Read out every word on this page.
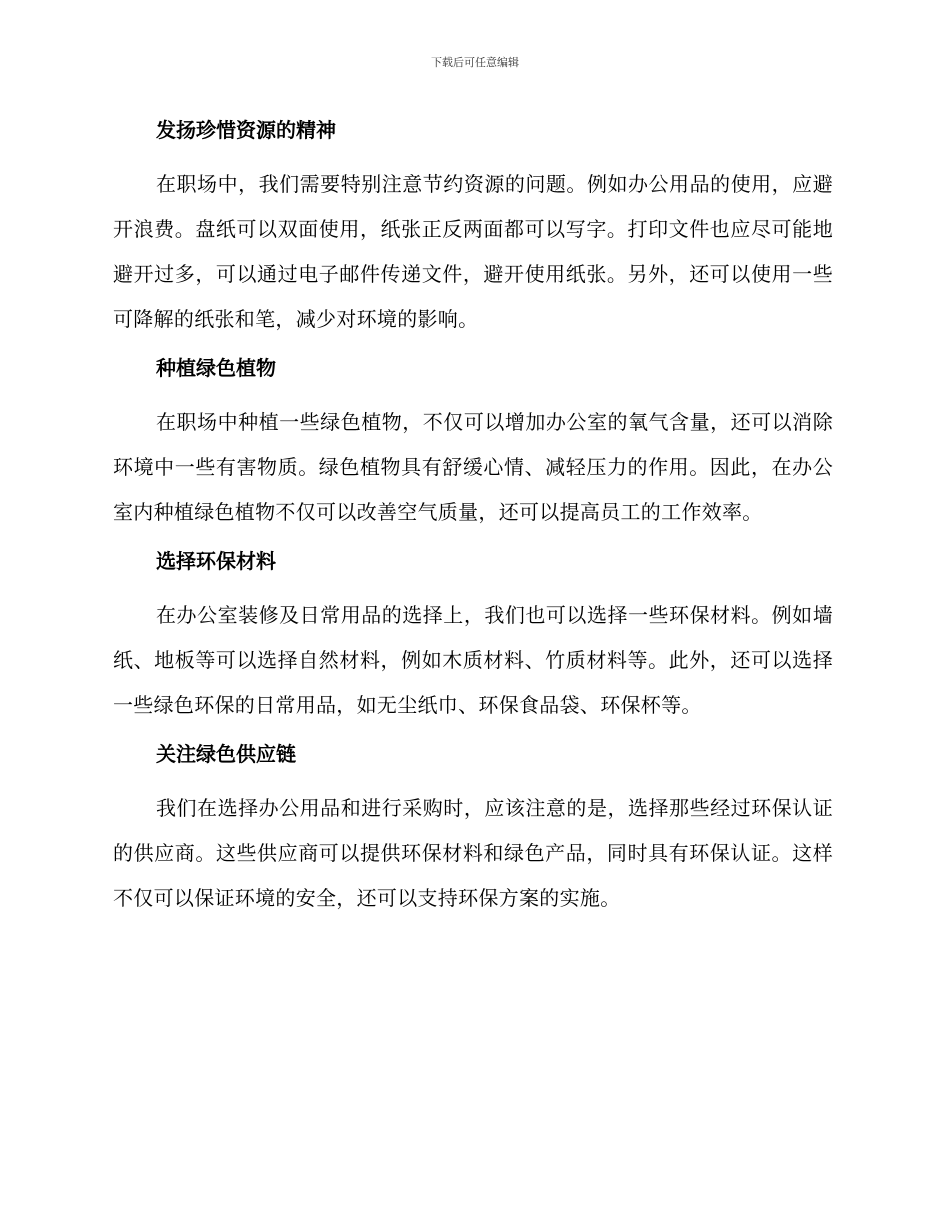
下载后可任意编辑
发扬珍惜资源的精神

在职场中，我们需要特别注意节约资源的问题。例如办公用品的使用，应避开浪费。盘纸可以双面使用，纸张正反两面都可以写字。打印文件也应尽可能地避开过多，可以通过电子邮件传递文件，避开使用纸张。另外，还可以使用一些可降解的纸张和笔，减少对环境的影响。

种植绿色植物

在职场中种植一些绿色植物，不仅可以增加办公室的氧气含量，还可以消除环境中一些有害物质。绿色植物具有舒缓心情、减轻压力的作用。因此，在办公室内种植绿色植物不仅可以改善空气质量，还可以提高员工的工作效率。

选择环保材料

在办公室装修及日常用品的选择上，我们也可以选择一些环保材料。例如墙纸、地板等可以选择自然材料，例如木质材料、竹质材料等。此外，还可以选择一些绿色环保的日常用品，如无尘纸巾、环保食品袋、环保杯等。

关注绿色供应链

我们在选择办公用品和进行采购时，应该注意的是，选择那些经过环保认证的供应商。这些供应商可以提供环保材料和绿色产品，同时具有环保认证。这样不仅可以保证环境的安全，还可以支持环保方案的实施。
